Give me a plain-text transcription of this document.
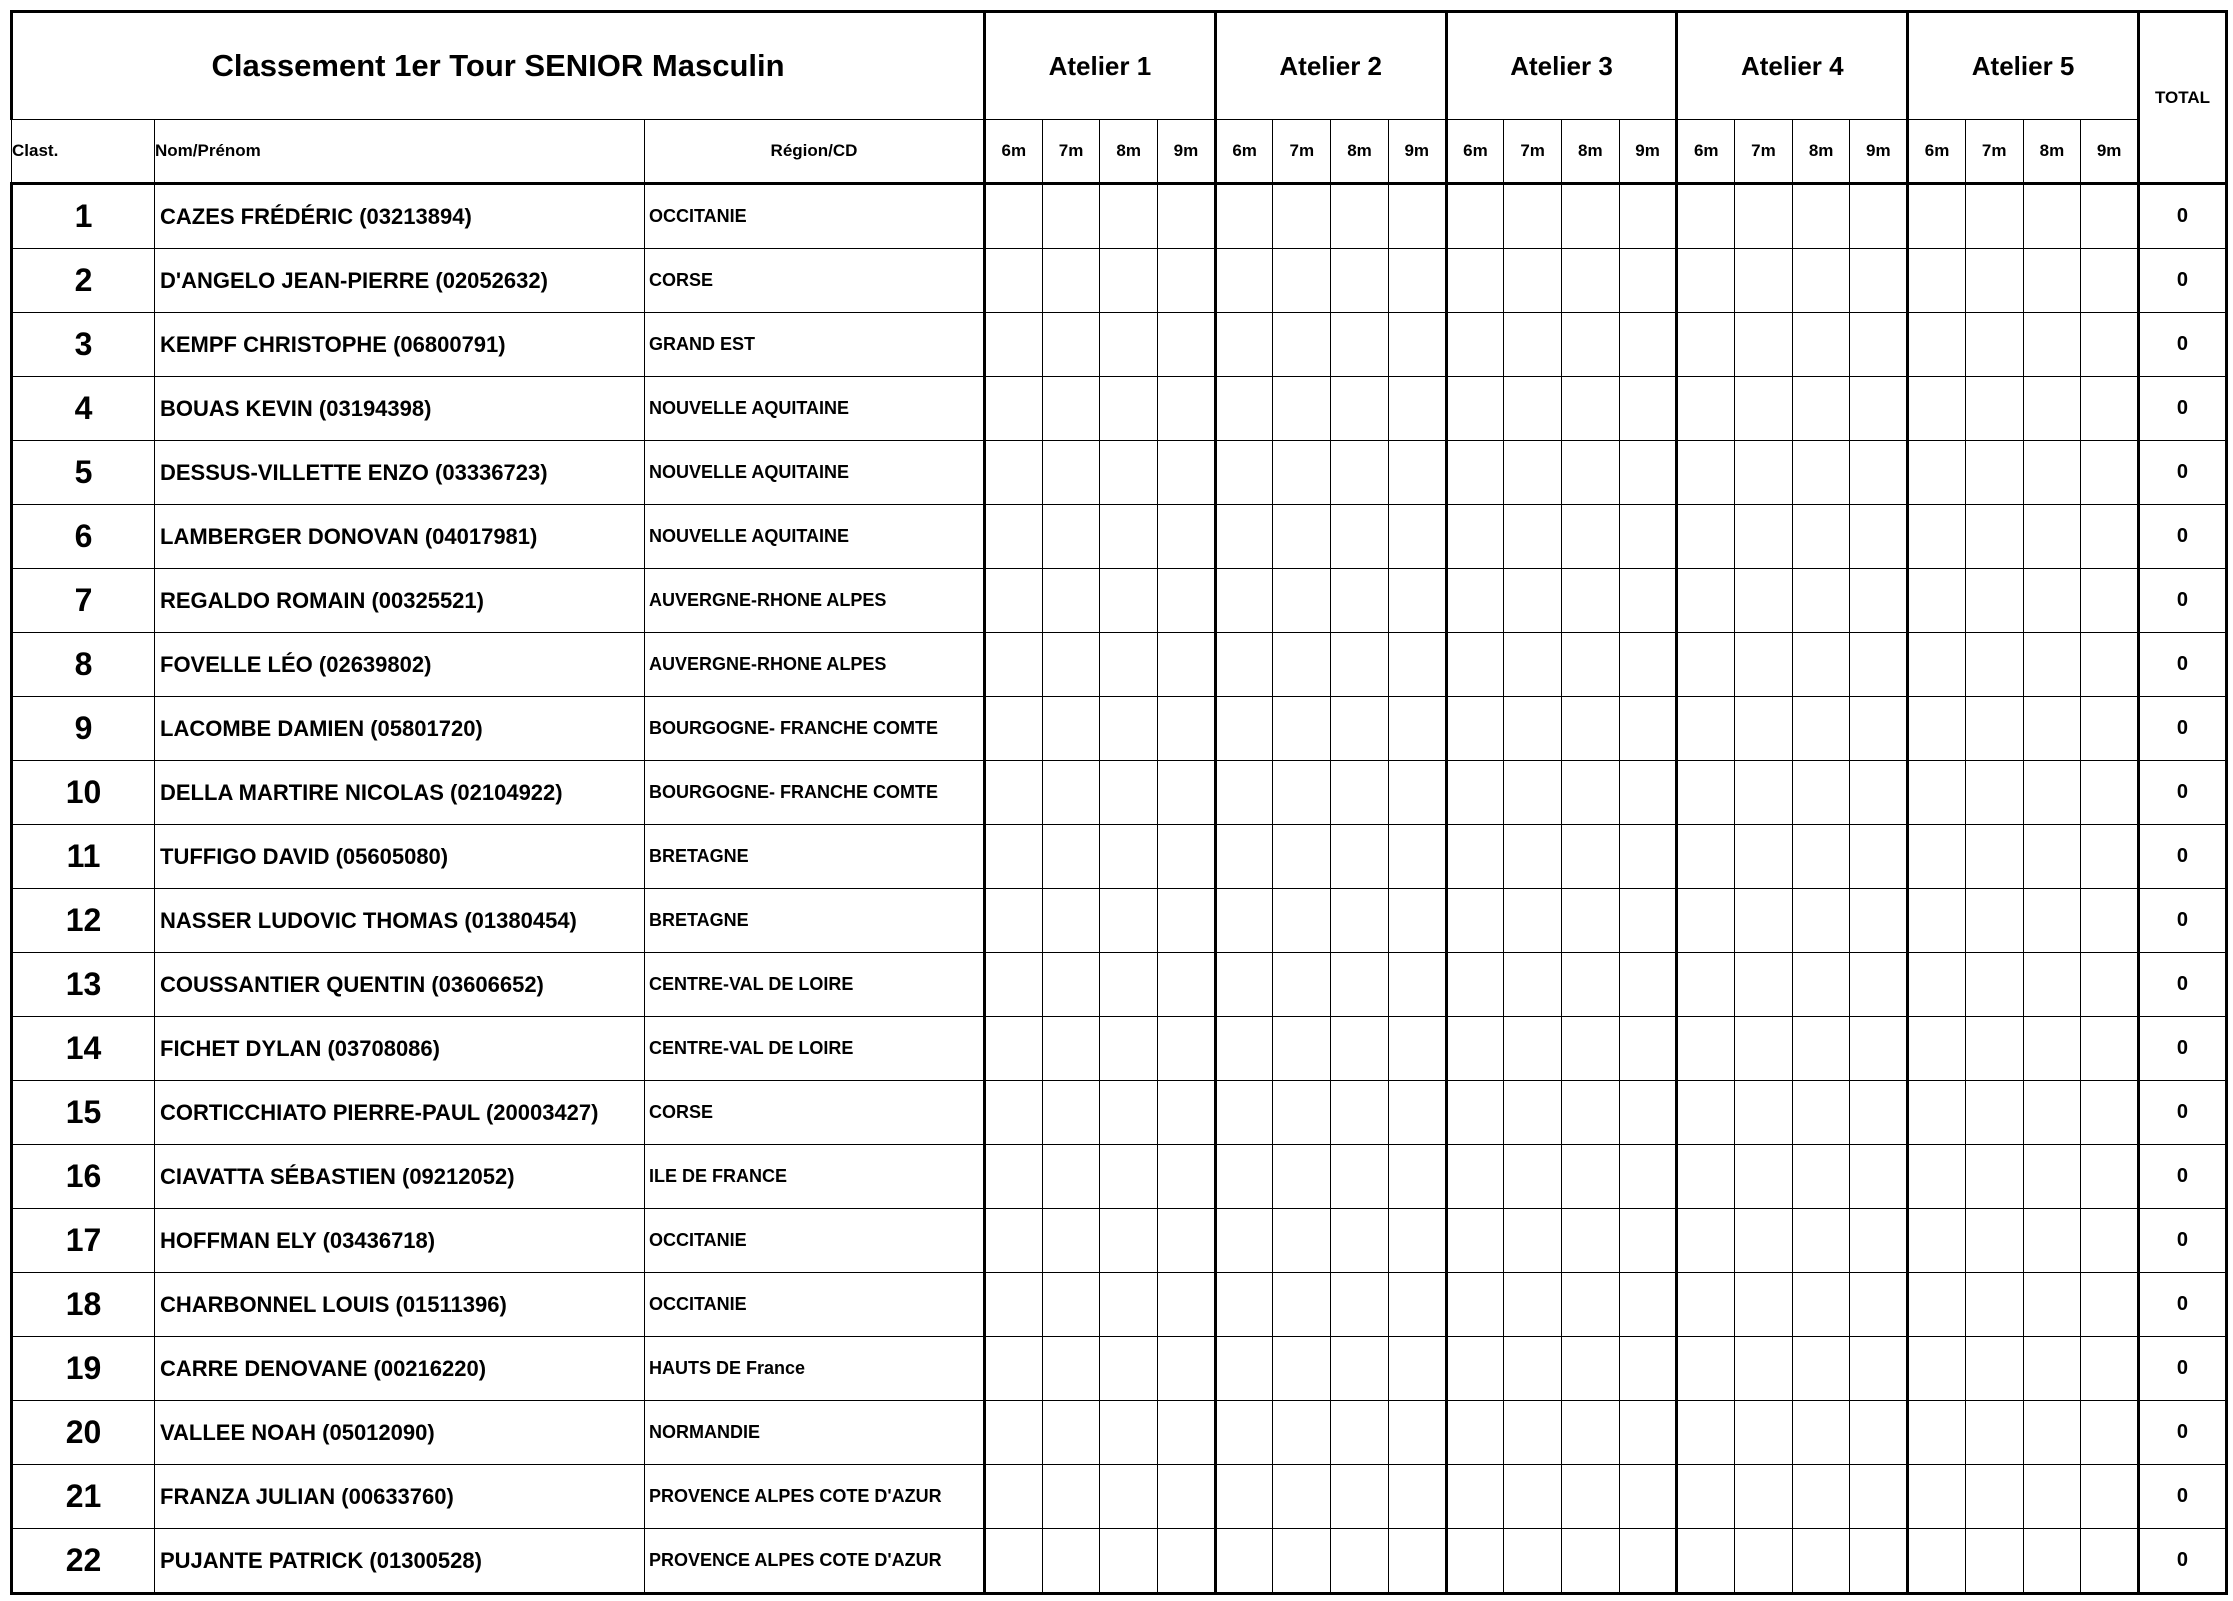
Classement 1er Tour SENIOR Masculin			Atelier 1				Atelier 2				Atelier 3				Atelier 4				Atelier 5				TOTAL
Clast.	Nom/Prénom	Région/CD	6m	7m	8m	9m	6m	7m	8m	9m	6m	7m	8m	9m	6m	7m	8m	9m	6m	7m	8m	9m	
1	CAZES FRÉDÉRIC (03213894)	OCCITANIE																					0
2	D'ANGELO JEAN-PIERRE (02052632)	CORSE																					0
3	KEMPF CHRISTOPHE (06800791)	GRAND EST																					0
4	BOUAS KEVIN (03194398)	NOUVELLE AQUITAINE																					0
5	DESSUS-VILLETTE ENZO (03336723)	NOUVELLE AQUITAINE																					0
6	LAMBERGER DONOVAN (04017981)	NOUVELLE AQUITAINE																					0
7	REGALDO ROMAIN (00325521)	AUVERGNE-RHONE ALPES																					0
8	FOVELLE LÉO (02639802)	AUVERGNE-RHONE ALPES																					0
9	LACOMBE DAMIEN (05801720)	BOURGOGNE- FRANCHE COMTE																					0
10	DELLA MARTIRE NICOLAS (02104922)	BOURGOGNE- FRANCHE COMTE																					0
11	TUFFIGO DAVID (05605080)	BRETAGNE																					0
12	NASSER LUDOVIC THOMAS (01380454)	BRETAGNE																					0
13	COUSSANTIER QUENTIN (03606652)	CENTRE-VAL DE LOIRE																					0
14	FICHET DYLAN (03708086)	CENTRE-VAL DE LOIRE																					0
15	CORTICCHIATO PIERRE-PAUL (20003427)	CORSE																					0
16	CIAVATTA SÉBASTIEN (09212052)	ILE DE FRANCE																					0
17	HOFFMAN ELY (03436718)	OCCITANIE																					0
18	CHARBONNEL LOUIS (01511396)	OCCITANIE																					0
19	CARRE DENOVANE (00216220)	HAUTS DE France																					0
20	VALLEE NOAH (05012090)	NORMANDIE																					0
21	FRANZA JULIAN (00633760)	PROVENCE ALPES COTE D'AZUR																					0
22	PUJANTE PATRICK (01300528)	PROVENCE ALPES COTE D'AZUR																					0
